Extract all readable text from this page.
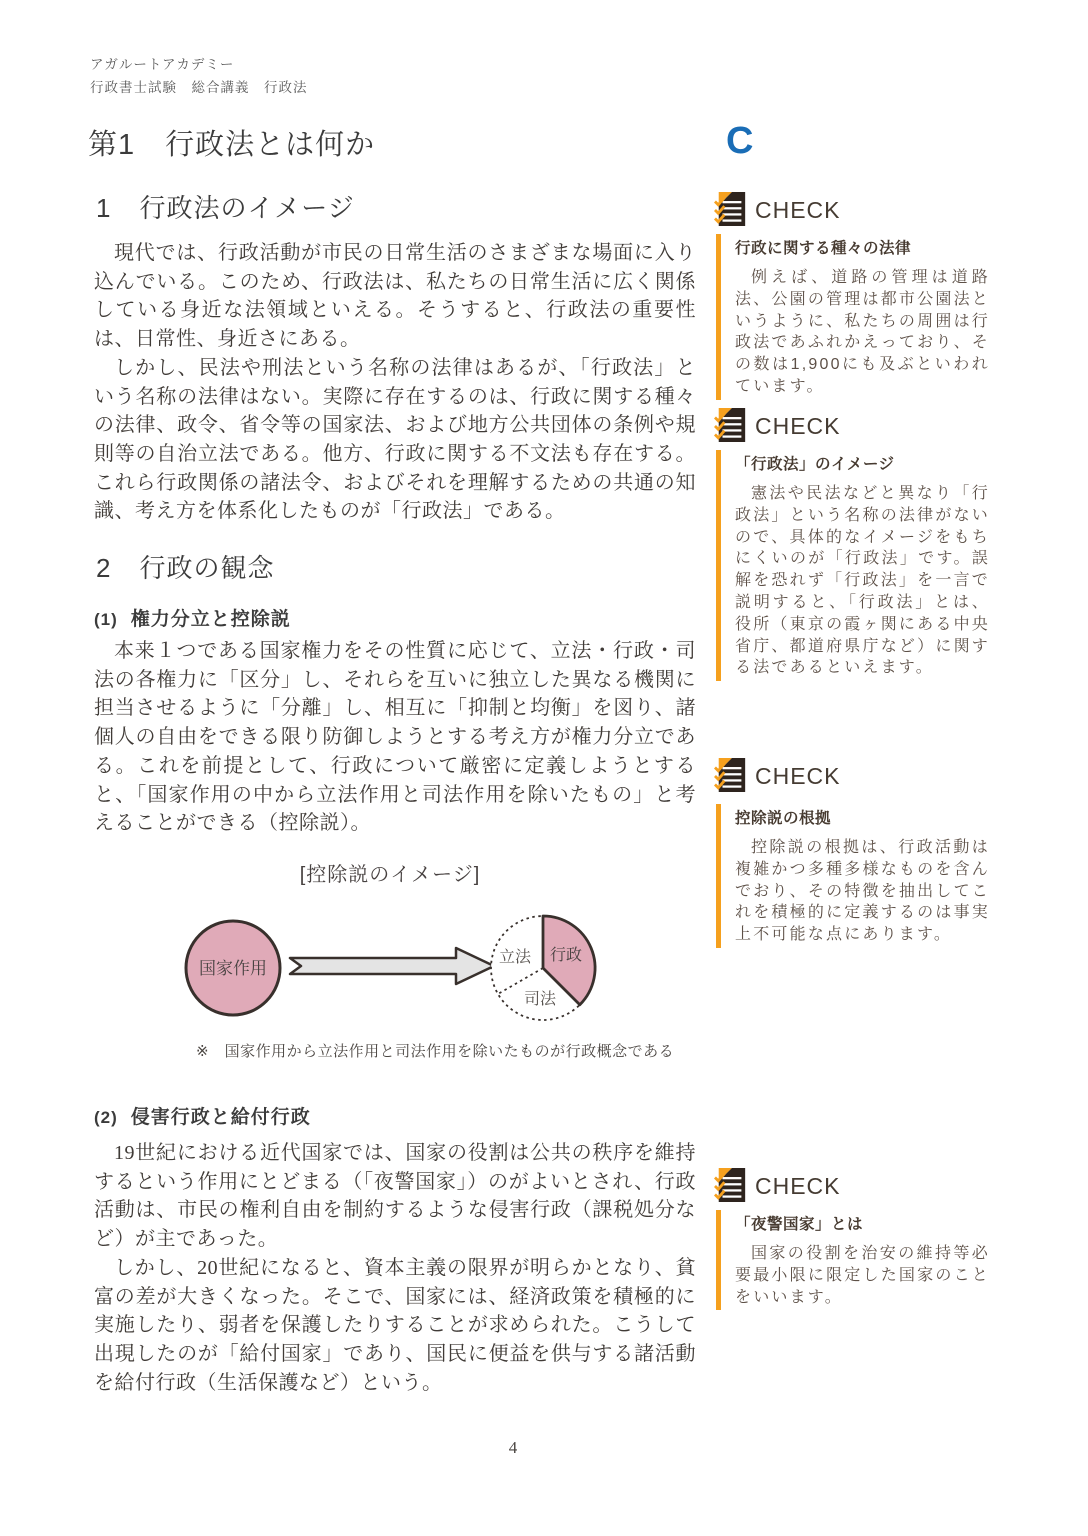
アガルートアカデミー
行政書士試験　総合講義　行政法
C
第1 行政法とは何か
1 行政法のイメージ

現代では、行政活動が市民の日常生活のさまざまな場面に入り込んでいる。このため、行政法は、私たちの日常生活に広く関係している身近な法領域といえる。そうすると、行政法の重要性は、日常性、身近さにある。

しかし、民法や刑法という名称の法律はあるが、「行政法」という名称の法律はない。実際に存在するのは、行政に関する種々の法律、政令、省令等の国家法、および地方公共団体の条例や規則等の自治立法である。他方、行政に関する不文法も存在する。これら行政関係の諸法令、およびそれを理解するための共通の知識、考え方を体系化したものが「行政法」である。

2 行政の観念
(1) 権力分立と控除説

本来１つである国家権力をその性質に応じて、立法・行政・司法の各権力に「区分」し、それらを互いに独立した異なる機関に担当させるように「分離」し、相互に「抑制と均衡」を図り、諸個人の自由をできる限り防御しようとする考え方が権力分立である。これを前提として、行政について厳密に定義しようとすると、「国家作用の中から立法作用と司法作用を除いたもの」と考えることができる（控除説）。

[控除説のイメージ]
国家作用
立法 行政
司法
※　国家作用から立法作用と司法作用を除いたものが行政概念である
(2) 侵害行政と給付行政

19世紀における近代国家では、国家の役割は公共の秩序を維持するという作用にとどまる（「夜警国家」）のがよいとされ、行政活動は、市民の権利自由を制約するような侵害行政（課税処分など）が主であった。

しかし、20世紀になると、資本主義の限界が明らかとなり、貧富の差が大きくなった。そこで、国家には、経済政策を積極的に実施したり、弱者を保護したりすることが求められた。こうして出現したのが「給付国家」であり、国民に便益を供与する諸活動を給付行政（生活保護など）という。

CHECK

行政に関する種々の法律

例えば、道路の管理は道路法、公園の管理は都市公園法というように、私たちの周囲は行政法であふれかえっており、その数は1,900にも及ぶといわれています。

CHECK

「行政法」のイメージ

憲法や民法などと異なり「行政法」という名称の法律がないので、具体的なイメージをもちにくいのが「行政法」です。誤解を恐れず「行政法」を一言で説明すると、「行政法」とは、役所（東京の霞ヶ関にある中央省庁、都道府県庁など）に関する法であるといえます。

CHECK

控除説の根拠

控除説の根拠は、行政活動は複雑かつ多種多様なものを含んでおり、その特徴を抽出してこれを積極的に定義するのは事実上不可能な点にあります。

CHECK

「夜警国家」とは

国家の役割を治安の維持等必要最小限に限定した国家のことをいいます。

4
